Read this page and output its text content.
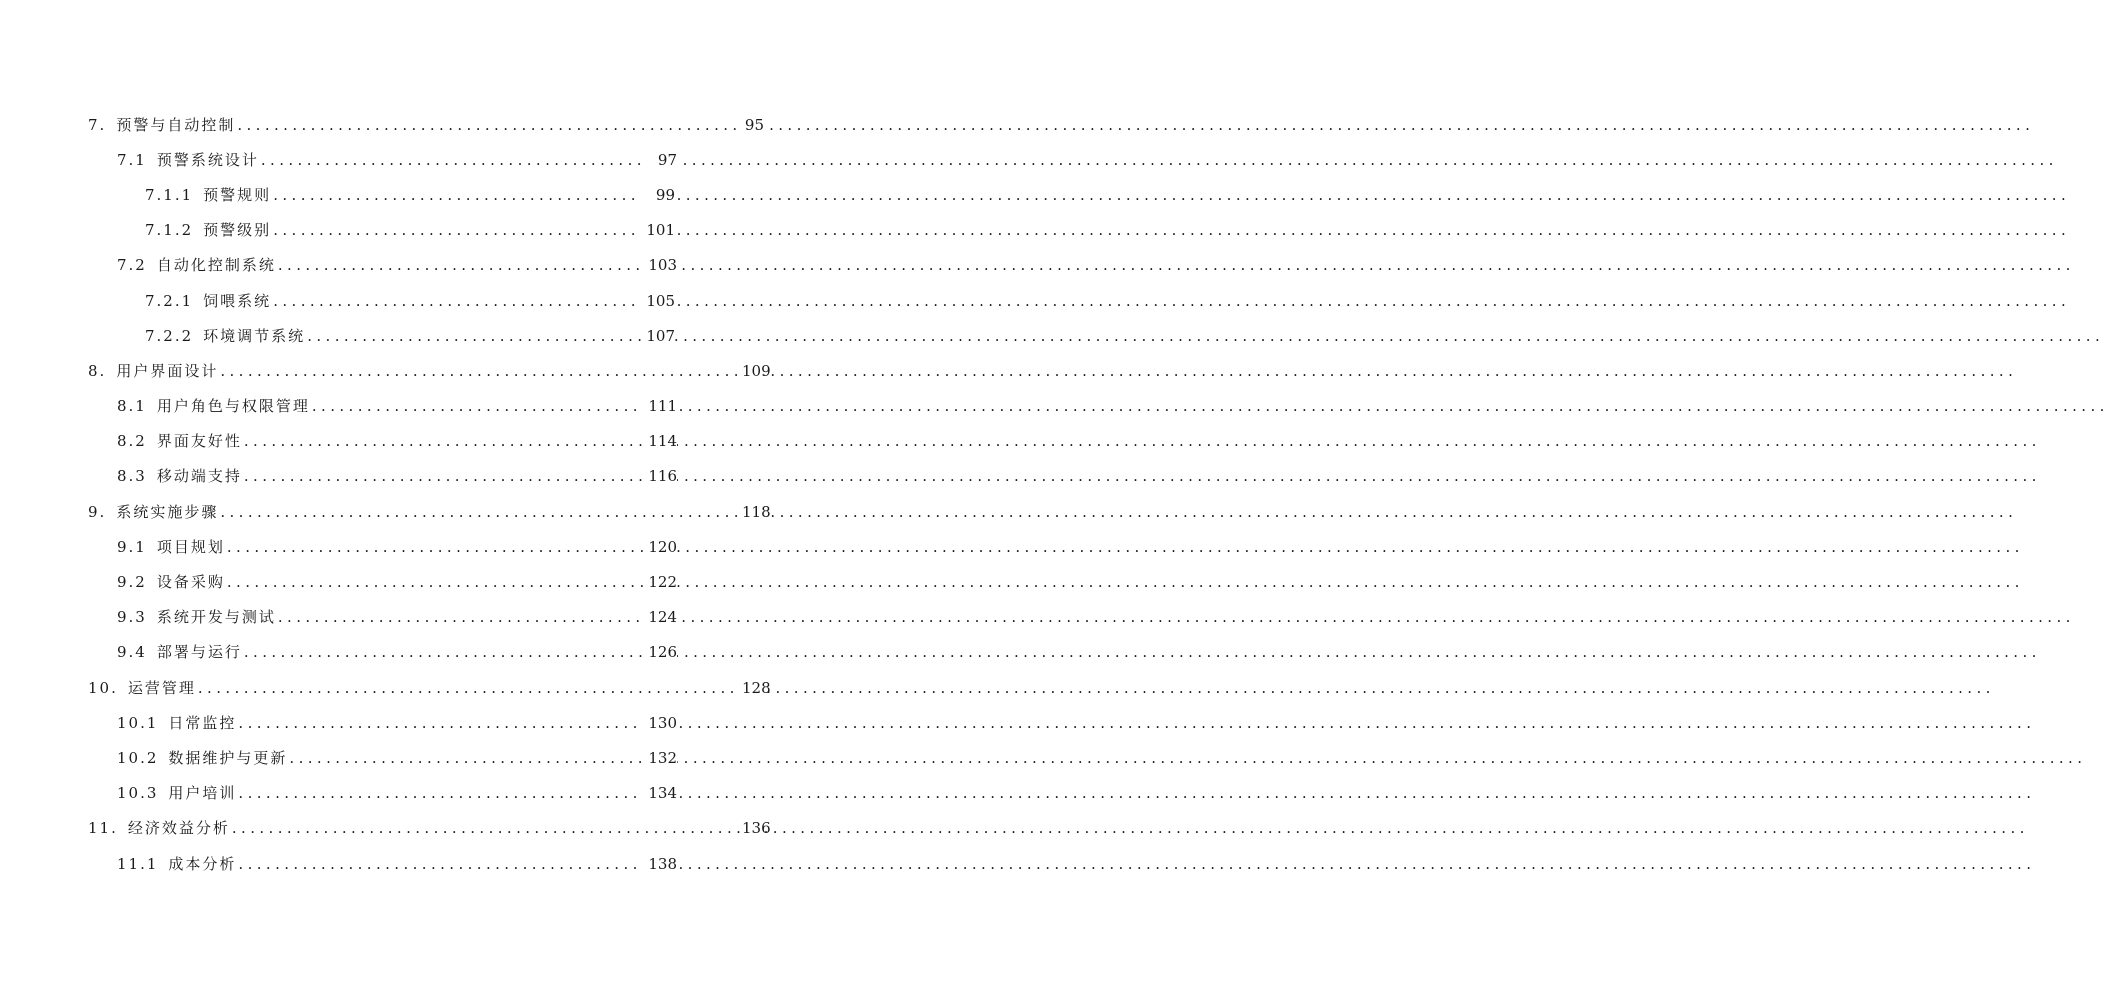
7. 预警与自动控制 .....	95
7.1 预警系统设计 .....	97
7.1.1 预警规则 .....	99
7.1.2 预警级别 .....	101
7.2 自动化控制系统 .....	103
7.2.1 饲喂系统 .....	105
7.2.2 环境调节系统 .....	107
8. 用户界面设计 .....	109
8.1 用户角色与权限管理 .....	111
8.2 界面友好性 .....	114
8.3 移动端支持 .....	116
9. 系统实施步骤 .....	118
9.1 项目规划 .....	120
9.2 设备采购 .....	122
9.3 系统开发与测试 .....	124
9.4 部署与运行 .....	126
10. 运营管理 .....	128
10.1 日常监控 .....	130
10.2 数据维护与更新 .....	132
10.3 用户培训 .....	134
11. 经济效益分析 .....	136
11.1 成本分析 .....	138
